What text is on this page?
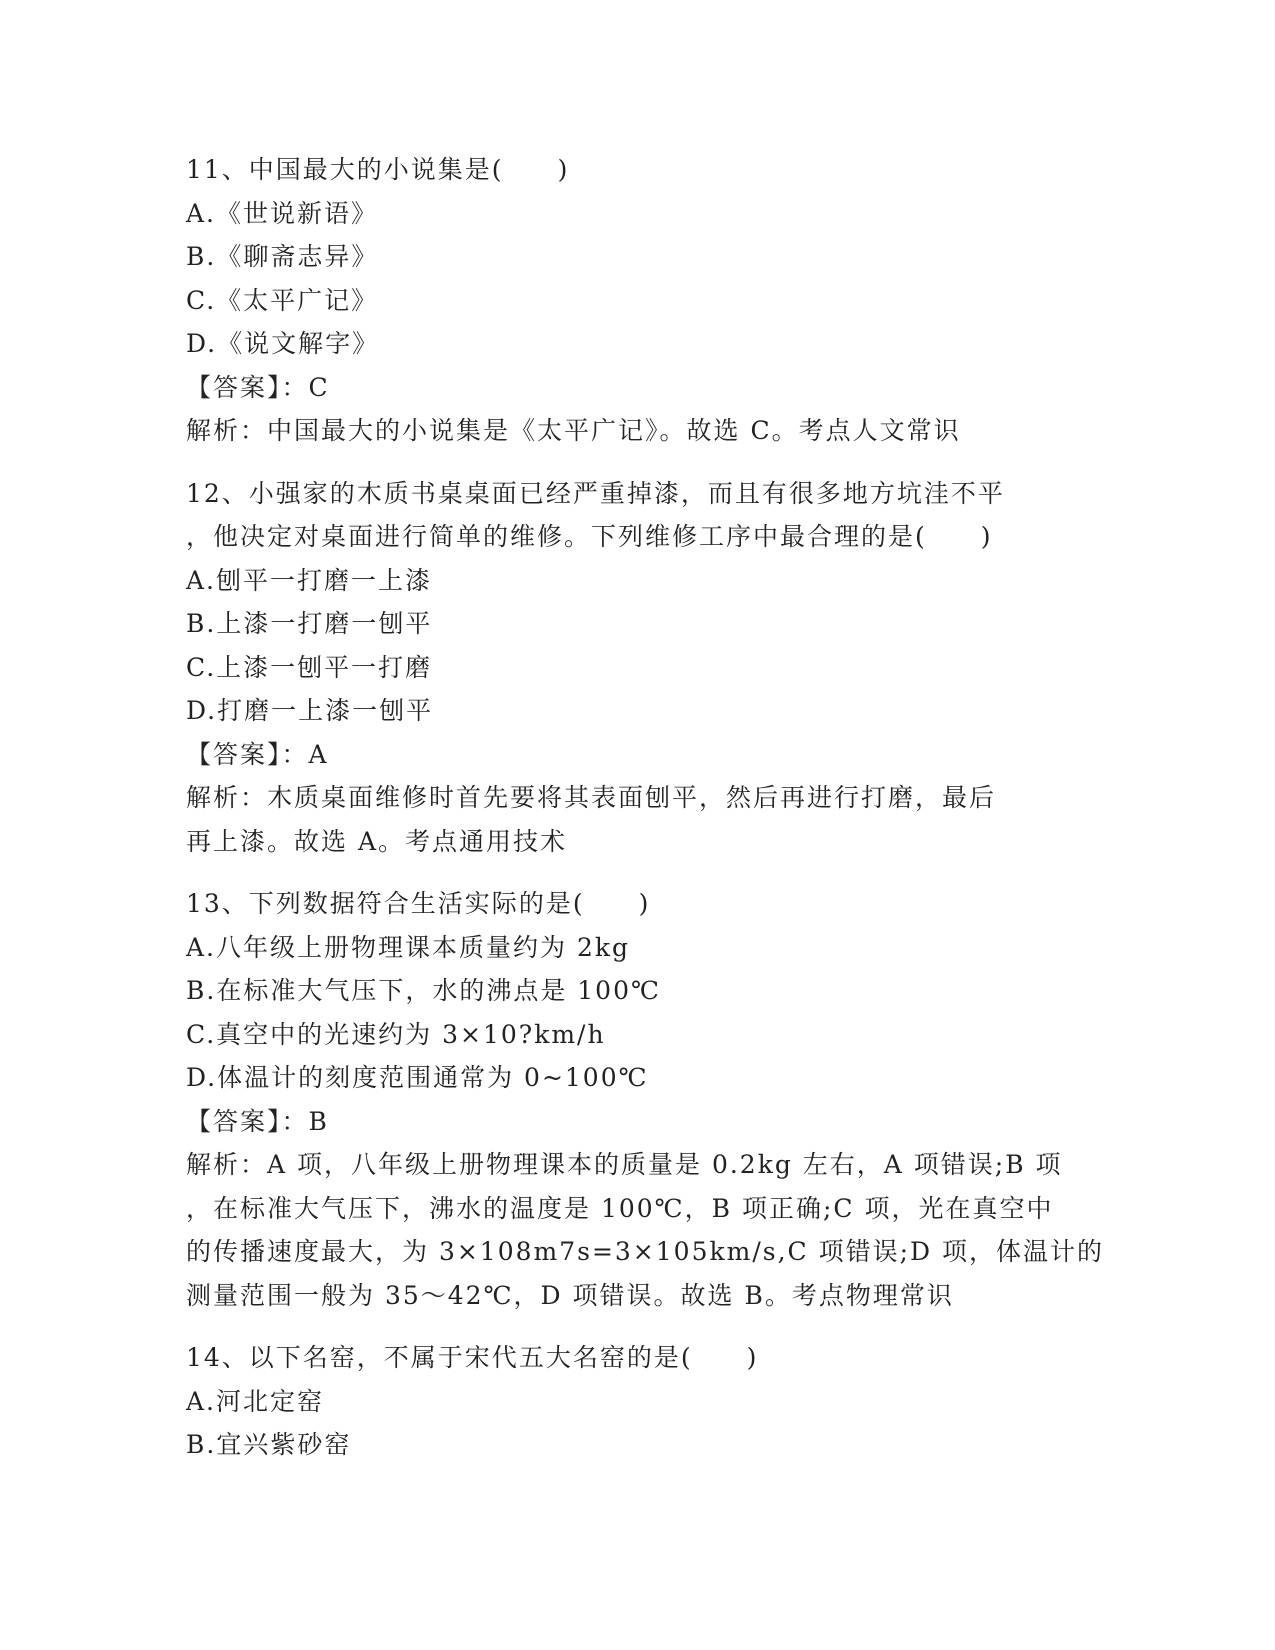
11、中国最大的小说集是(　　)
A.《世说新语》
B.《聊斋志异》
C.《太平广记》
D.《说文解字》
【答案】：C
解析：中国最大的小说集是《太平广记》。故选 C。考点人文常识
12、小强家的木质书桌桌面已经严重掉漆，而且有很多地方坑洼不平
，他决定对桌面进行简单的维修。下列维修工序中最合理的是(　　)
A.刨平一打磨一上漆
B.上漆一打磨一刨平
C.上漆一刨平一打磨
D.打磨一上漆一刨平
【答案】：A
解析：木质桌面维修时首先要将其表面刨平，然后再进行打磨，最后
再上漆。故选 A。考点通用技术
13、下列数据符合生活实际的是(　　)
A.八年级上册物理课本质量约为 2kg
B.在标准大气压下，水的沸点是 100℃
C.真空中的光速约为 3×10?km/h
D.体温计的刻度范围通常为 0~100℃
【答案】：B
解析：A 项，八年级上册物理课本的质量是 0.2kg 左右，A 项错误;B 项
，在标准大气压下，沸水的温度是 100℃，B 项正确;C 项，光在真空中
的传播速度最大，为 3×108m7s=3×105km/s,C 项错误;D 项，体温计的
测量范围一般为 35～42℃，D 项错误。故选 B。考点物理常识
14、以下名窑，不属于宋代五大名窑的是(　　)
A.河北定窑
B.宜兴紫砂窑
